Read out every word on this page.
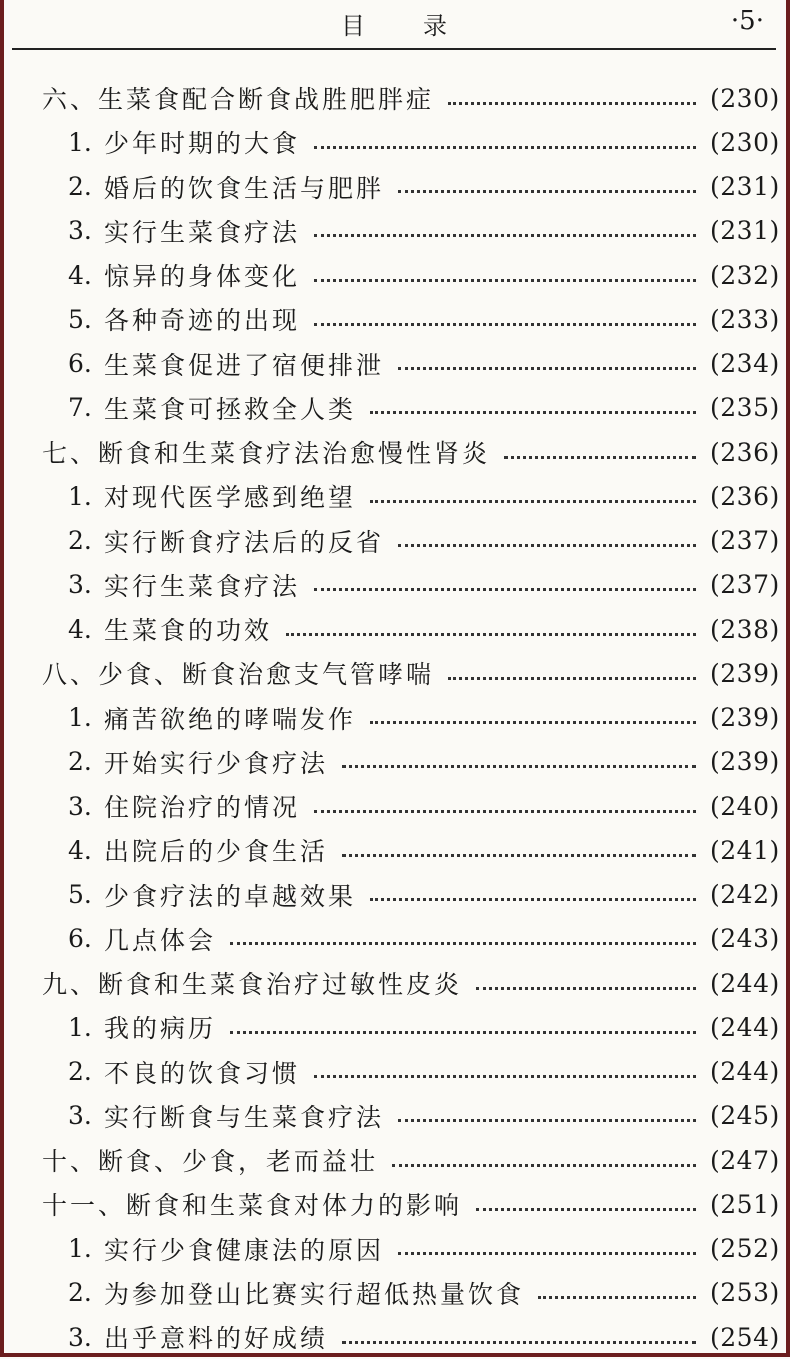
目录	·5·
六、生菜食配合断食战胜肥胖症	(230)
1. 少年时期的大食	(230)
2. 婚后的饮食生活与肥胖	(231)
3. 实行生菜食疗法	(231)
4. 惊异的身体变化	(232)
5. 各种奇迹的出现	(233)
6. 生菜食促进了宿便排泄	(234)
7. 生菜食可拯救全人类	(235)
七、断食和生菜食疗法治愈慢性肾炎	(236)
1. 对现代医学感到绝望	(236)
2. 实行断食疗法后的反省	(237)
3. 实行生菜食疗法	(237)
4. 生菜食的功效	(238)
八、少食、断食治愈支气管哮喘	(239)
1. 痛苦欲绝的哮喘发作	(239)
2. 开始实行少食疗法	(239)
3. 住院治疗的情况	(240)
4. 出院后的少食生活	(241)
5. 少食疗法的卓越效果	(242)
6. 几点体会	(243)
九、断食和生菜食治疗过敏性皮炎	(244)
1. 我的病历	(244)
2. 不良的饮食习惯	(244)
3. 实行断食与生菜食疗法	(245)
十、断食、少食，老而益壮	(247)
十一、断食和生菜食对体力的影响	(251)
1. 实行少食健康法的原因	(252)
2. 为参加登山比赛实行超低热量饮食	(253)
3. 出乎意料的好成绩	(254)
